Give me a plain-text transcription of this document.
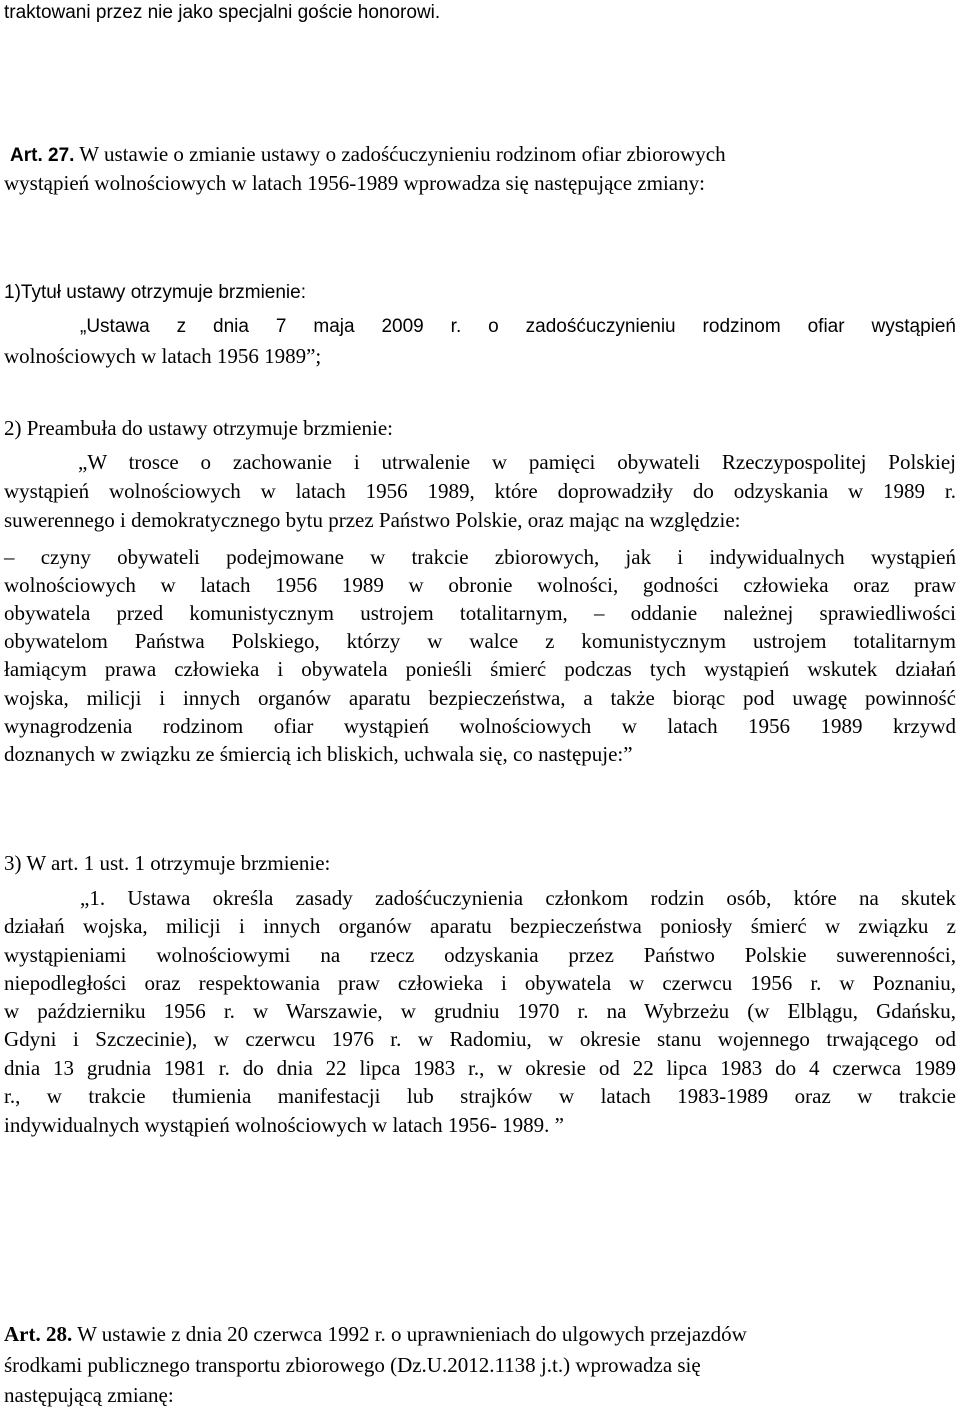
traktowani przez nie jako specjalni goście honorowi.
Art. 27. W ustawie o zmianie ustawy o zadośćuczynieniu rodzinom ofiar zbiorowych
wystąpień wolnościowych w latach 1956-1989 wprowadza się następujące zmiany:
1)Tytuł ustawy otrzymuje brzmienie:
„Ustawa z dnia 7 maja 2009 r. o zadośćuczynieniu rodzinom ofiar wystąpień
wolnościowych w latach 1956 1989”;
2) Preambuła do ustawy otrzymuje brzmienie:
„W trosce o zachowanie i utrwalenie w pamięci obywateli Rzeczypospolitej Polskiej
wystąpień wolnościowych w latach 1956 1989, które doprowadziły do odzyskania w 1989 r.
suwerennego i demokratycznego bytu przez Państwo Polskie, oraz mając na względzie:
– czyny obywateli podejmowane w trakcie zbiorowych, jak i indywidualnych wystąpień
wolnościowych w latach 1956 1989 w obronie wolności, godności człowieka oraz praw
obywatela przed komunistycznym ustrojem totalitarnym, – oddanie należnej sprawiedliwości
obywatelom Państwa Polskiego, którzy w walce z komunistycznym ustrojem totalitarnym
łamiącym prawa człowieka i obywatela ponieśli śmierć podczas tych wystąpień wskutek działań
wojska, milicji i innych organów aparatu bezpieczeństwa, a także biorąc pod uwagę powinność
wynagrodzenia rodzinom ofiar wystąpień wolnościowych w latach 1956 1989 krzywd
doznanych w związku ze śmiercią ich bliskich, uchwala się, co następuje:”
3) W art. 1 ust. 1 otrzymuje brzmienie:
„1. Ustawa określa zasady zadośćuczynienia członkom rodzin osób, które na skutek
działań wojska, milicji i innych organów aparatu bezpieczeństwa poniosły śmierć w związku z
wystąpieniami wolnościowymi na rzecz odzyskania przez Państwo Polskie suwerenności,
niepodległości oraz respektowania praw człowieka i obywatela w czerwcu 1956 r. w Poznaniu,
w październiku 1956 r. w Warszawie, w grudniu 1970 r. na Wybrzeżu (w Elblągu, Gdańsku,
Gdyni i Szczecinie), w czerwcu 1976 r. w Radomiu, w okresie stanu wojennego trwającego od
dnia 13 grudnia 1981 r. do dnia 22 lipca 1983 r., w okresie od 22 lipca 1983 do 4 czerwca 1989
r., w trakcie tłumienia manifestacji lub strajków w latach 1983-1989 oraz w trakcie
indywidualnych wystąpień wolnościowych w latach 1956- 1989. ”
Art. 28. W ustawie z dnia 20 czerwca 1992 r. o uprawnieniach do ulgowych przejazdów
środkami publicznego transportu zbiorowego (Dz.U.2012.1138 j.t.) wprowadza się
następującą zmianę:
